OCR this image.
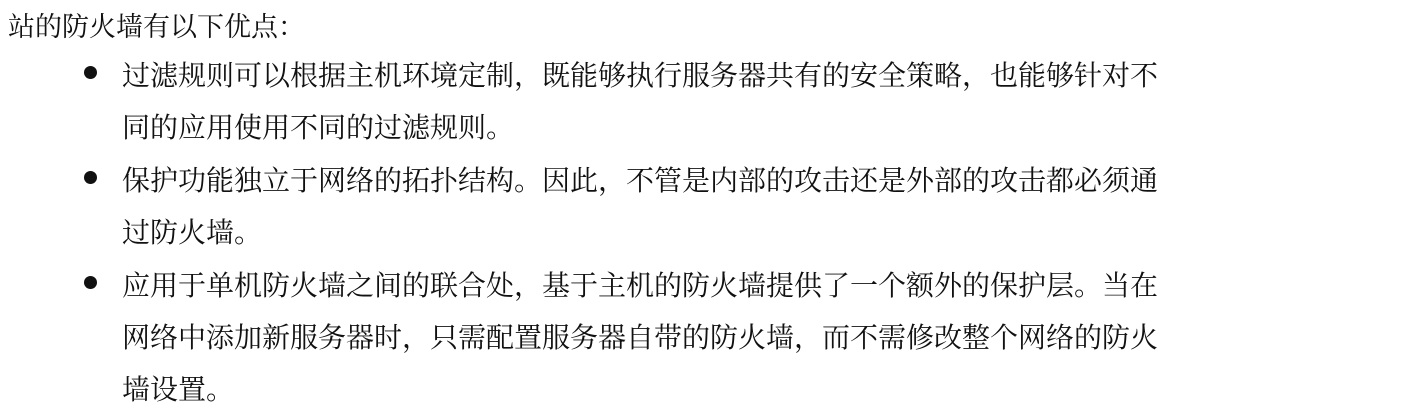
站的防火墙有以下优点：
过滤规则可以根据主机环境定制，既能够执行服务器共有的安全策略，也能够针对不
同的应用使用不同的过滤规则。
保护功能独立于网络的拓扑结构。因此，不管是内部的攻击还是外部的攻击都必须通
过防火墙。
应用于单机防火墙之间的联合处，基于主机的防火墙提供了一个额外的保护层。当在
网络中添加新服务器时，只需配置服务器自带的防火墙，而不需修改整个网络的防火
墙设置。
